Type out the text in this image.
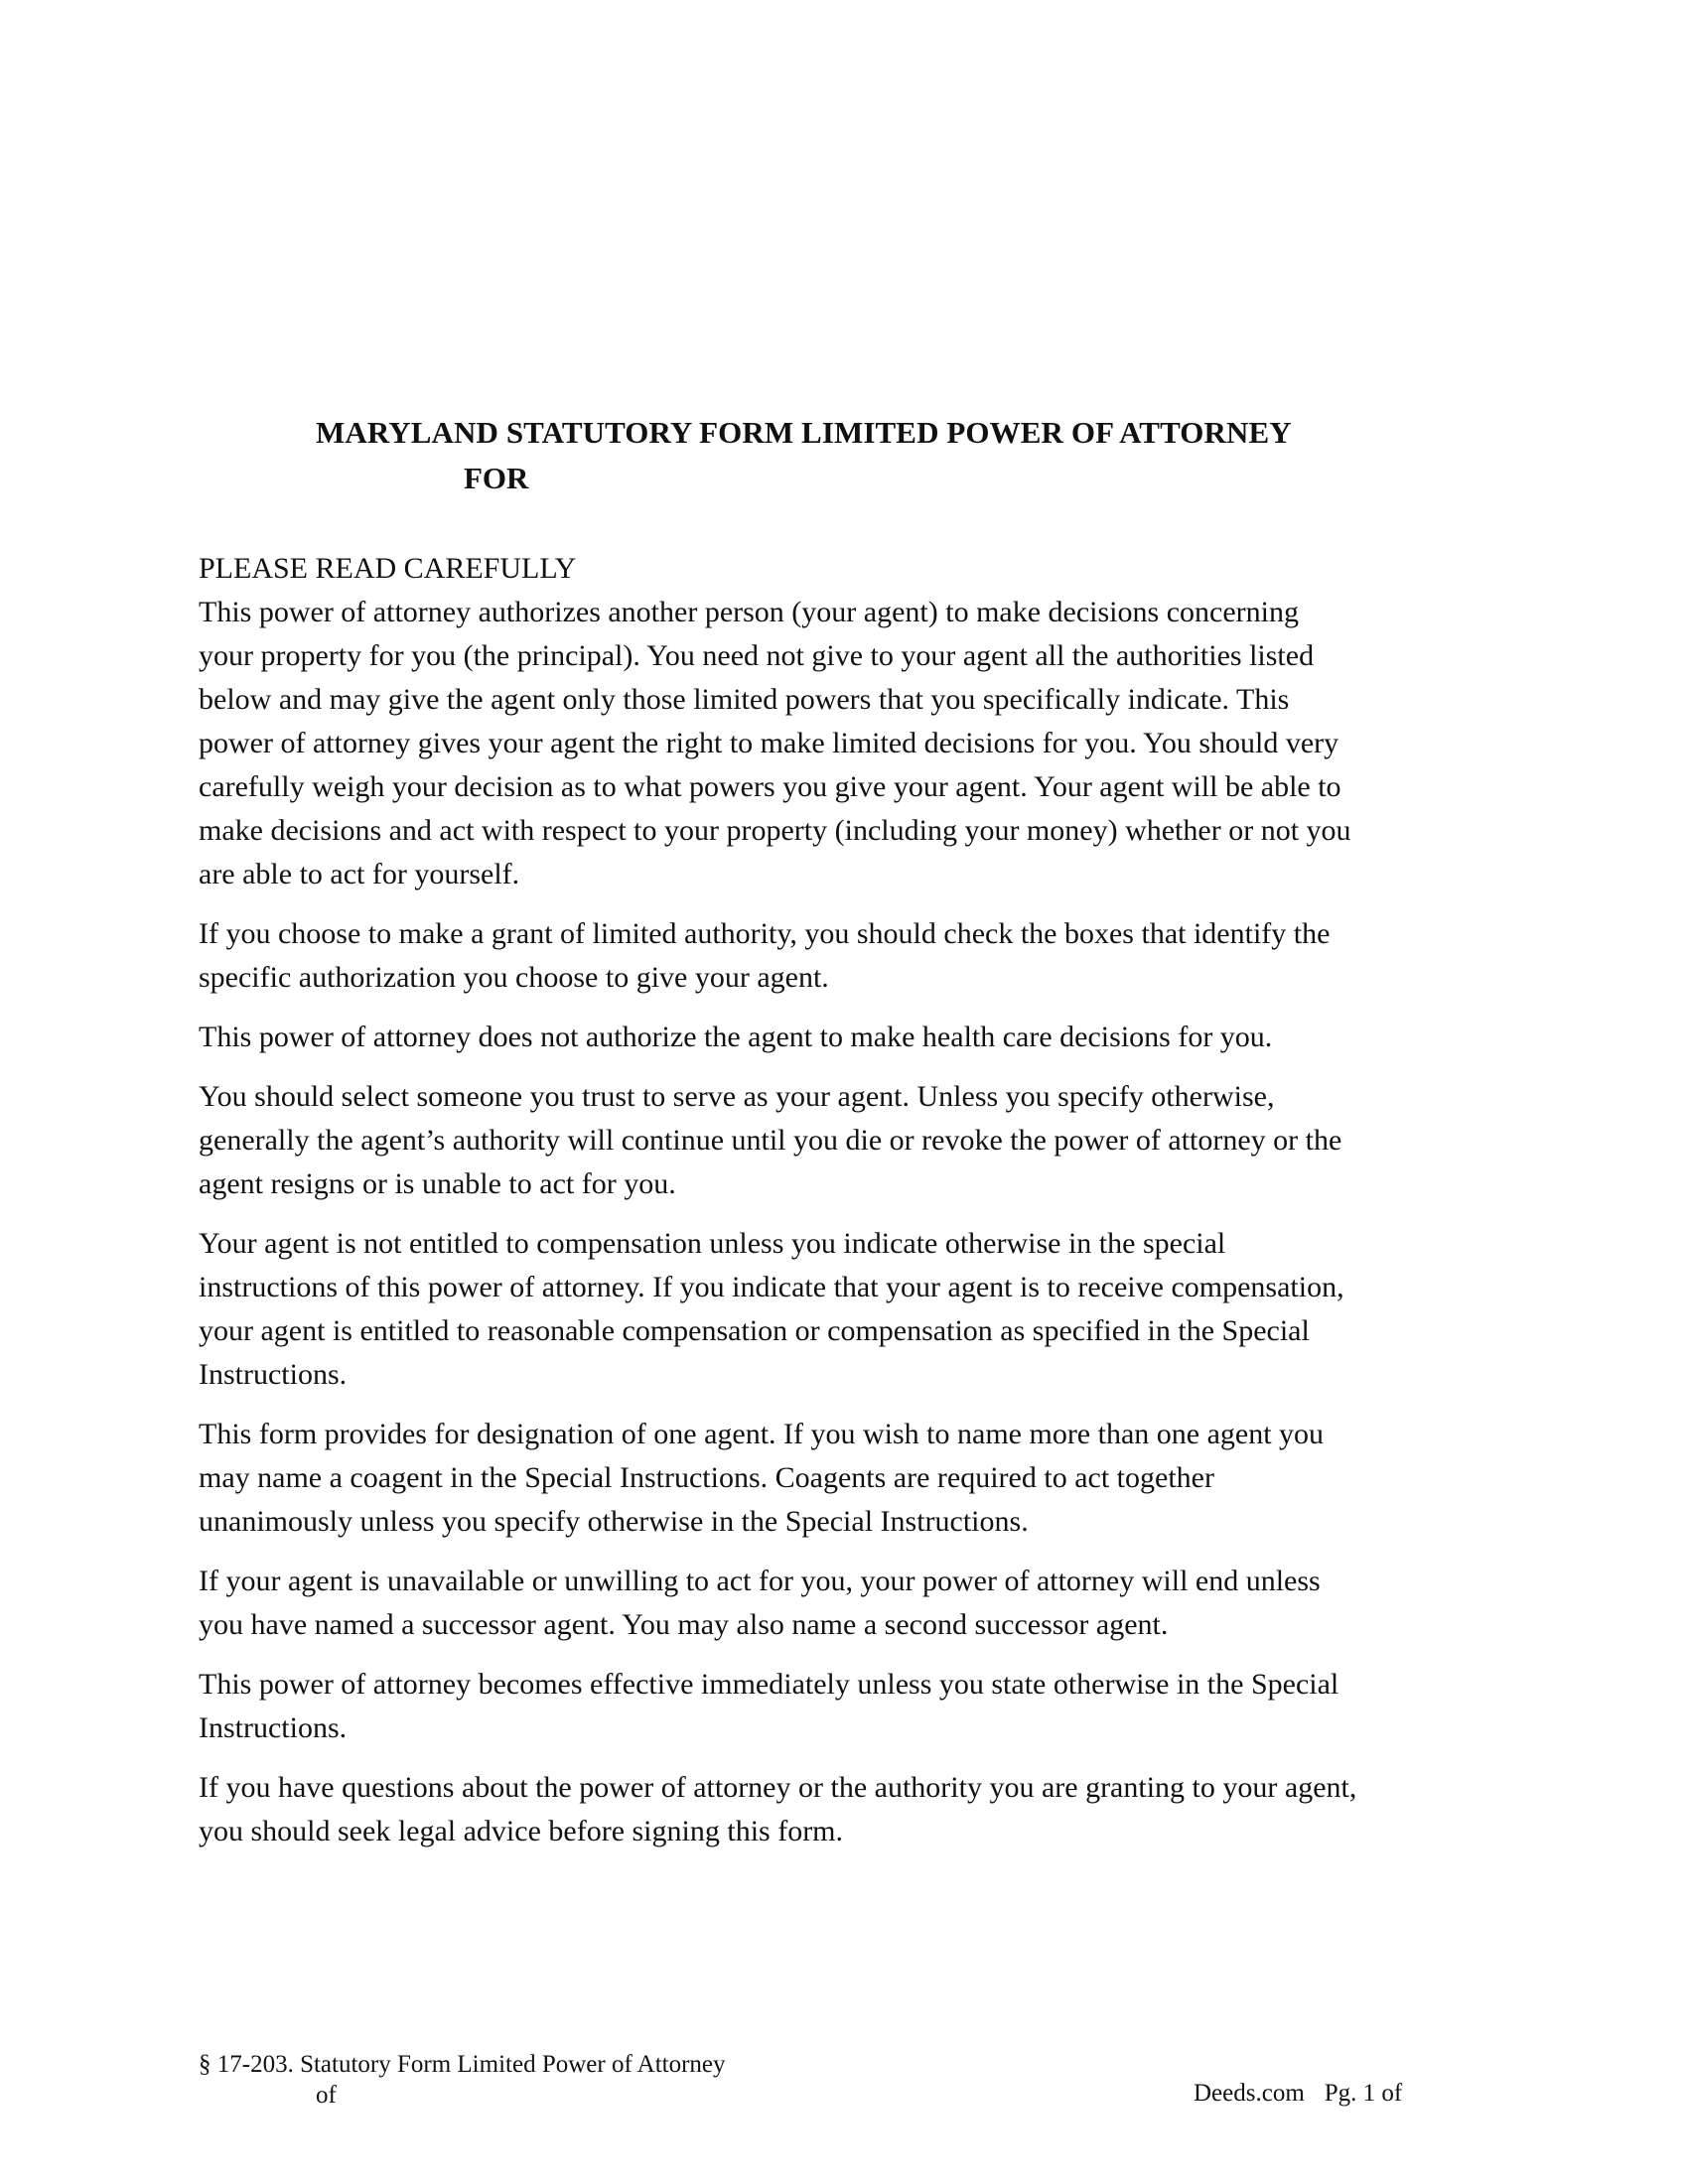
MARYLAND STATUTORY FORM LIMITED POWER OF ATTORNEY
FOR

PLEASE READ CAREFULLY

This power of attorney authorizes another person (your agent) to make decisions concerning
your property for you (the principal). You need not give to your agent all the authorities listed
below and may give the agent only those limited powers that you specifically indicate. This
power of attorney gives your agent the right to make limited decisions for you. You should very
carefully weigh your decision as to what powers you give your agent. Your agent will be able to
make decisions and act with respect to your property (including your money) whether or not you
are able to act for yourself.

If you choose to make a grant of limited authority, you should check the boxes that identify the
specific authorization you choose to give your agent.

This power of attorney does not authorize the agent to make health care decisions for you.

You should select someone you trust to serve as your agent. Unless you specify otherwise,
generally the agent’s authority will continue until you die or revoke the power of attorney or the
agent resigns or is unable to act for you.

Your agent is not entitled to compensation unless you indicate otherwise in the special
instructions of this power of attorney. If you indicate that your agent is to receive compensation,
your agent is entitled to reasonable compensation or compensation as specified in the Special
Instructions.

This form provides for designation of one agent. If you wish to name more than one agent you
may name a coagent in the Special Instructions. Coagents are required to act together
unanimously unless you specify otherwise in the Special Instructions.

If your agent is unavailable or unwilling to act for you, your power of attorney will end unless
you have named a successor agent. You may also name a second successor agent.

This power of attorney becomes effective immediately unless you state otherwise in the Special
Instructions.

If you have questions about the power of attorney or the authority you are granting to your agent,
you should seek legal advice before signing this form.

§ 17-203. Statutory Form Limited Power of Attorney
of	Deeds.com Pg. 1 of
